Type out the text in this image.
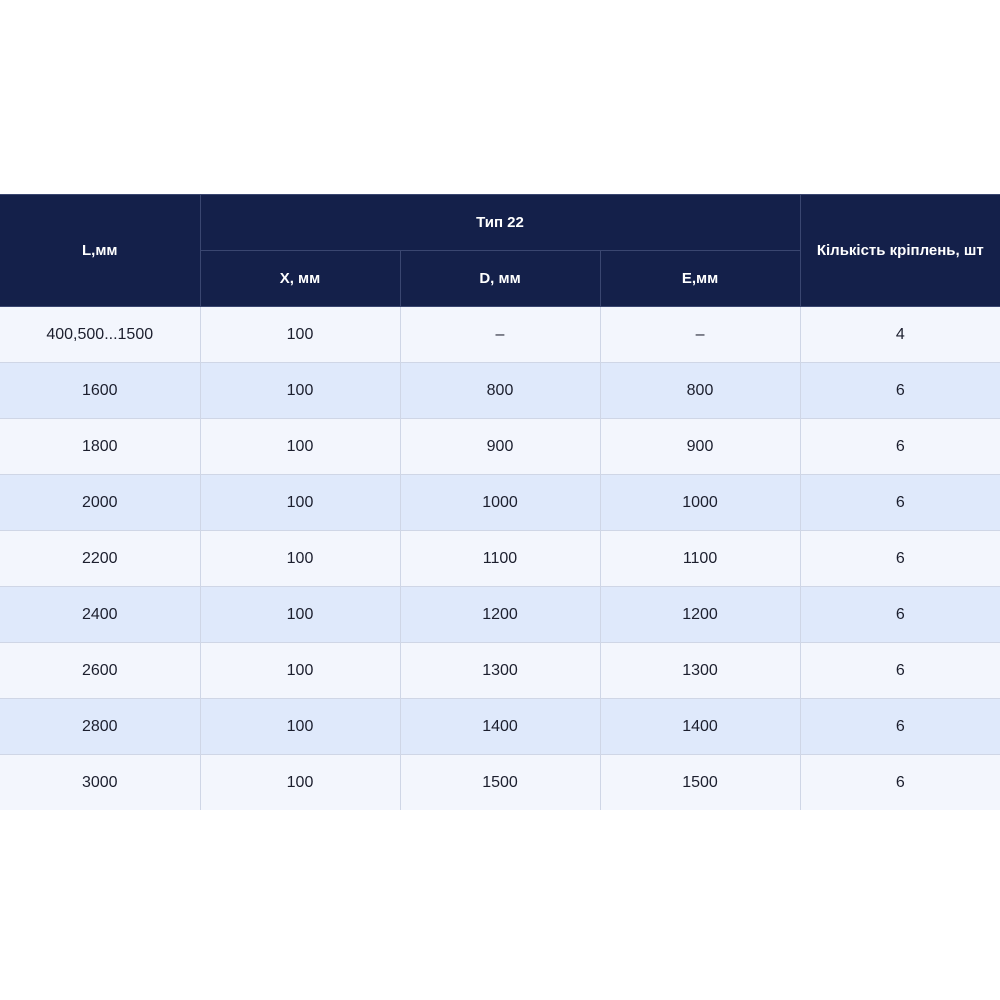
L,мм	Тип 22			Кількість кріплень, шт
	X, мм	D, мм	E,мм	
400,500...1500	100	–	–	4
1600	100	800	800	6
1800	100	900	900	6
2000	100	1000	1000	6
2200	100	1100	1100	6
2400	100	1200	1200	6
2600	100	1300	1300	6
2800	100	1400	1400	6
3000	100	1500	1500	6
